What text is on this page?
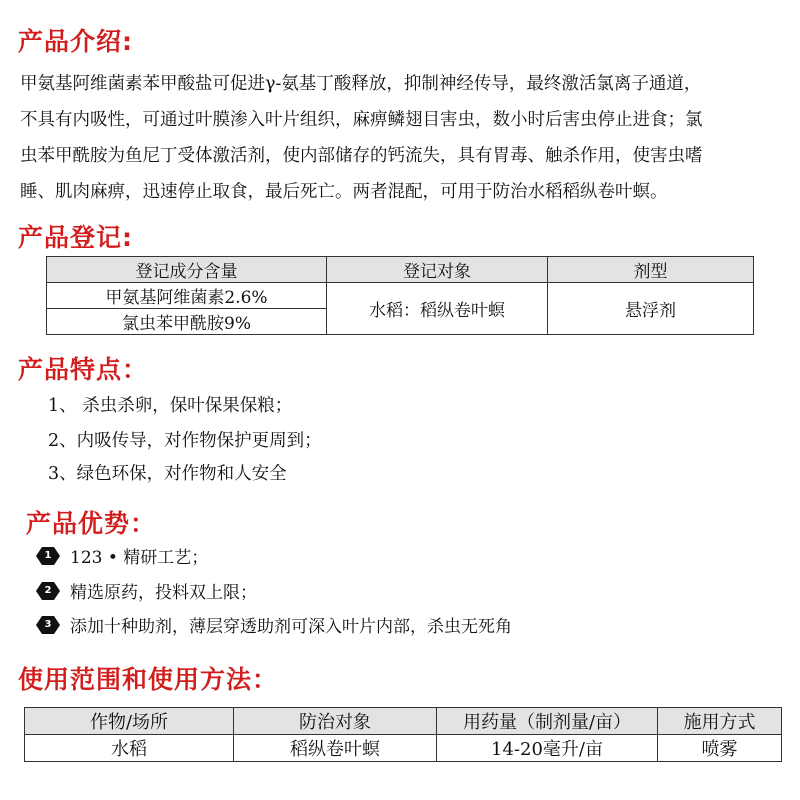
产品介绍:

甲氨基阿维菌素苯甲酸盐可促进γ-氨基丁酸释放，抑制神经传导，最终激活氯离子通道，

不具有内吸性，可通过叶膜渗入叶片组织，麻痹鳞翅目害虫，数小时后害虫停止进食；氯

虫苯甲酰胺为鱼尼丁受体激活剂，使内部储存的钙流失，具有胃毒、触杀作用，使害虫嗜

睡、肌肉麻痹，迅速停止取食，最后死亡。两者混配，可用于防治水稻稻纵卷叶螟。

产品登记:
登记成分含量	登记对象	剂型
甲氨基阿维菌素2.6%	水稻：稻纵卷叶螟	悬浮剂
氯虫苯甲酰胺9%		
产品特点：
1、 杀虫杀卵，保叶保果保粮；
2、内吸传导，对作物保护更周到；
3、绿色环保，对作物和人安全
产品优势：
1	123 • 精研工艺；
2	精选原药，投料双上限；
3	添加十种助剂，薄层穿透助剂可深入叶片内部，杀虫无死角
使用范围和使用方法：
作物/场所	防治对象	用药量（制剂量/亩）	施用方式
水稻	稻纵卷叶螟	14-20毫升/亩	喷雾
